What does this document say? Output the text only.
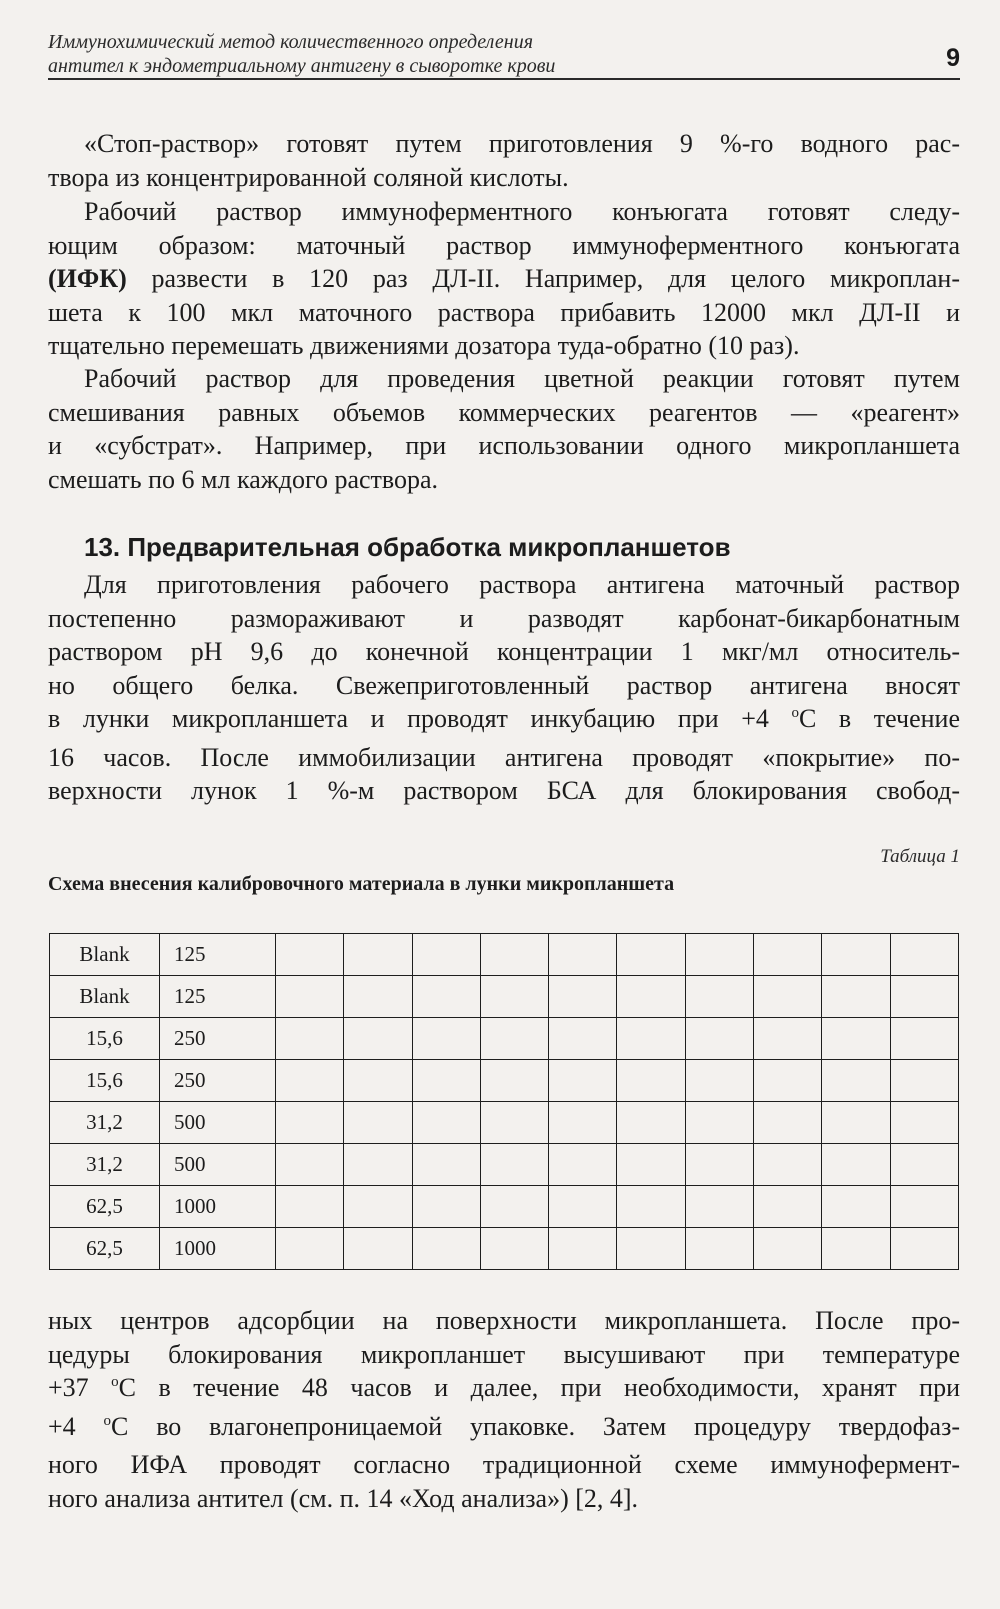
Иммунохимический метод количественного определения
антител к эндометриальному антигену в сыворотке крови	9

«Стоп-раствор» готовят путем приготовления 9 %-го водного рас-
твора из концентрированной соляной кислоты.

Рабочий раствор иммуноферментного конъюгата готовят следу-
ющим образом: маточный раствор иммуноферментного конъюгата
(ИФК) развести в 120 раз ДЛ-II. Например, для целого микроплан-
шета к 100 мкл маточного раствора прибавить 12000 мкл ДЛ-II и
тщательно перемешать движениями дозатора туда-обратно (10 раз).

Рабочий раствор для проведения цветной реакции готовят путем
смешивания равных объемов коммерческих реагентов — «реагент»
и «субстрат». Например, при использовании одного микропланшета
смешать по 6 мл каждого раствора.

13. Предварительная обработка микропланшетов

Для приготовления рабочего раствора антигена маточный раствор
постепенно размораживают и разводят карбонат-бикарбонатным
раствором рН 9,6 до конечной концентрации 1 мкг/мл относитель-
но общего белка. Свежеприготовленный раствор антигена вносят
в лунки микропланшета и проводят инкубацию при +4 $^о$С в течение
16 часов. После иммобилизации антигена проводят «покрытие» по-
верхности лунок 1 %-м раствором БСА для блокирования свобод-

Таблица 1
Схема внесения калибровочного материала в лунки микропланшета
Blank	125										
Blank	125										
15,6	250										
15,6	250										
31,2	500										
31,2	500										
62,5	1000										
62,5	1000										

ных центров адсорбции на поверхности микропланшета. После про-
цедуры блокирования микропланшет высушивают при температуре
+37 $^о$С в течение 48 часов и далее, при необходимости, хранят при
+4 $^о$С во влагонепроницаемой упаковке. Затем процедуру твердофаз-
ного ИФА проводят согласно традиционной схеме иммунофермент-
ного анализа антител (см. п. 14 «Ход анализа») [2, 4].
